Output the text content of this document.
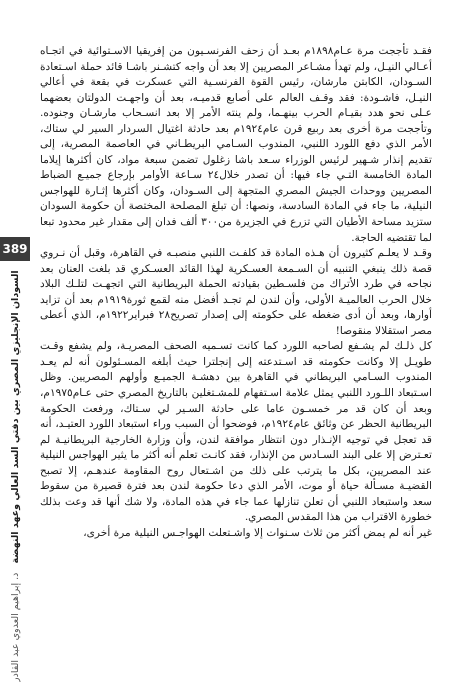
389
السودان الإنجليزي المصري بين دفتي السد العالي وعهد النهضة   د. إبراهيم العدوي عبد القادر

فقـد تأججت مرة عـام١٨٩٨م بعـد أن زحف الفرنسـيون من إفريقيا الاسـتوائية في اتجـاه أعـالي النيـل، ولم تهدأ مشـاعر المصريين إلا بعد أن واجه كتشـنر باشـا قائد حملة اسـتعادة السـودان، الكابتن مارشان، رئيس القوة الفرنسـية التي عسكرت في بقعة في أعالي النيـل، فاشـودة: فقد وقـف العالم على أصابع قدميـه، بعد أن واجهـت الدولتان بعضهما عـلى نحو هدد بقيـام الحرب بينهـما، ولم ينته الأمر إلا بعد انسـحاب مارشـان وجنوده. وتأججت مرة أخرى بعد ربيع قرن عام١٩٢٤م بعد حادثة اغتيال السردار السير لي ستاك، الأمر الذي دفع اللورد اللنبي، المندوب السـامي البريطـاني في العاصمة المصرية، إلى تقديم إنذار شـهير لرئيس الوزراء سـعد باشا زغلول تضمن سبعة مواد، كان أكثرها إيلاما المادة الخامسة التـي جاء فيها: أن تصدر خلال٢٤ سـاعة الأوامر بإرجاع جميـع الضباط المصريين ووحدات الجيش المصري المتجهة إلى السـودان، وكان أكثرها إثـارة للهواجس النيلية، ما جاء في المادة السادسة، ونصها: أن تبلغ المصلحة المختصة أن حكومة السودان ستزيد مساحة الأطيان التي تزرع في الجزيرة من٣٠٠ ألف فدان إلى مقدار غير محدود تبعا لما تقتضيه الحاجة.

وقـد لا يعلـم كثيرون أن هـذه المادة قد كلفـت اللنبي منصبـه في القاهرة، وقبل أن نـروي قصة ذلك ينبغي التنبيه أن السـمعة العسـكرية لهذا القائد العسـكري قد بلغت العنان بعد نجاحه في طرد الأتراك من فلسـطين بقيادته الحملة البريطانية التي اتجهـت لتلـك البلاد خلال الحرب العالميـة الأولى، وأن لندن لم تجـد أفضل منه لقمع ثورة١٩١٩م بعد أن تزايد أوارها، وبعد أن أدى ضغطه على حكومته إلى إصدار تصريح٢٨ فبراير١٩٢٢م، الذي أعطى مصر استقلالا منقوصا!

كل ذلـك لم يشـفع لصاحبه اللورد كما كانت تسـميه الصحف المصريـة، ولم يشفع وقـت طويـل إلا وكانت حكومته قد اسـتدعته إلى إنجلترا حيث أبلغه المسـئولون أنه لم يعـد المندوب السـامي البريطاني في القاهرة بين دهشـة الجميـع وأولهم المصريين. وظل اسـتبعاد اللـورد اللنبي يمثل علامة اسـتفهام للمشـتغلين بالتاريخ المصري حتى عـام١٩٧٥م، وبعد أن كان قد مر خمسـون عاما على حادثة السـير لي سـتاك، ورفعت الحكومة البريطانية الحظر عن وثائق عام١٩٢٤م، فوضحوا أن السبب وراء استبعاد اللورد العتيـد، أنه قد تعجل في توجيه الإنـذار دون انتظار موافقة لندن، وأن وزارة الخارجية البريطانيـة لم تعـترض إلا على البند السـادس من الإنذار، فقد كانـت تعلم أنه أكثر ما يثير الهواجس النيلية عند المصريين، بكل ما يترتب على ذلك من اشـتعال روح المقاومة عندهـم، إلا تصبح القضيـة مسـألة حياة أو موت، الأمر الذي دعا حكومة لندن بعد فترة قصيرة من سقوط سعد واستبعاد اللنبي أن تعلن تنازلها عما جاء في هذه المادة، ولا شك أنها قد وعت بذلك خطورة الاقتراب من هذا المقدس المصري.

غير أنه لم يمض أكثر من ثلاث سـنوات إلا واشـتعلت الهواجـس النيلية مرة أخرى،
